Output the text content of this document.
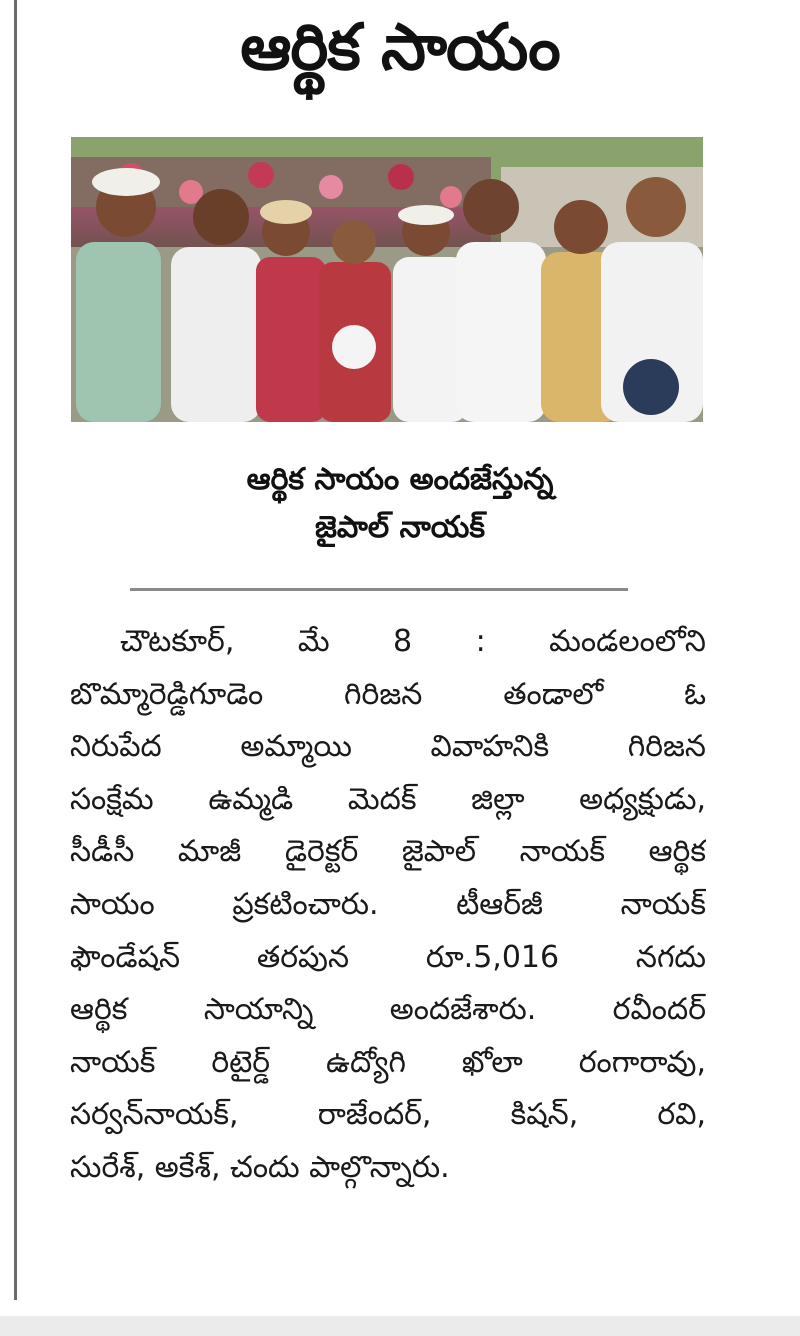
ఆర్థిక సాయం
ఆర్థిక సాయం అందజేస్తున్న
జైపాల్ నాయక్
చౌటకూర్, మే 8 : మండలంలోని
బొమ్మారెడ్డిగూడెం గిరిజన తండాలో ఓ
నిరుపేద అమ్మాయి వివాహనికి గిరిజన
సంక్షేమ ఉమ్మడి మెదక్ జిల్లా అధ్యక్షుడు,
సీడీసీ మాజీ డైరెక్టర్ జైపాల్ నాయక్ ఆర్థిక
సాయం ప్రకటించారు. టీఆర్‌జీ నాయక్
ఫౌండేషన్ తరపున రూ.5,016 నగదు
ఆర్థిక సాయాన్ని అందజేశారు. రవీందర్
నాయక్ రిటైర్డ్ ఉద్యోగి ఖోలా రంగారావు,
సర్వన్‌నాయక్, రాజేందర్, కిషన్, రవి,
సురేశ్, అకేశ్, చందు పాల్గొన్నారు.
